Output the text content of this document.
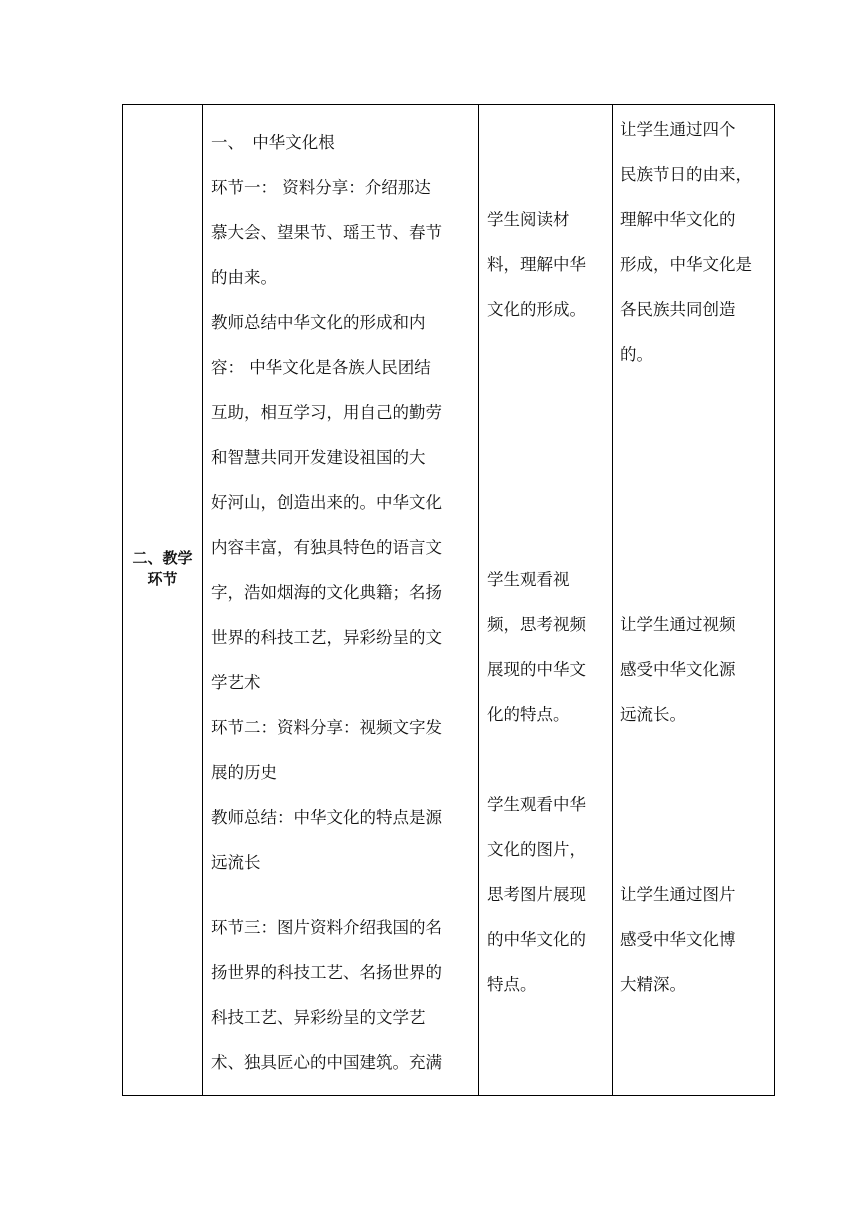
二、教学
环节
一、　中华文化根
环节一： 资料分享：介绍那达
慕大会、望果节、瑶王节、春节
的由来。
教师总结中华文化的形成和内
容： 中华文化是各族人民团结
互助，相互学习，用自己的勤劳
和智慧共同开发建设祖国的大
好河山，创造出来的。中华文化
内容丰富，有独具特色的语言文
字，浩如烟海的文化典籍；名扬
世界的科技工艺，异彩纷呈的文
学艺术
环节二：资料分享：视频文字发
展的历史
教师总结：中华文化的特点是源
远流长
环节三：图片资料介绍我国的名
扬世界的科技工艺、名扬世界的
科技工艺、异彩纷呈的文学艺
术、独具匠心的中国建筑。充满
学生阅读材
料，理解中华
文化的形成。
学生观看视
频，思考视频
展现的中华文
化的特点。
学生观看中华
文化的图片，
思考图片展现
的中华文化的
特点。
让学生通过四个
民族节日的由来，
理解中华文化的
形成，中华文化是
各民族共同创造
的。
让学生通过视频
感受中华文化源
远流长。
让学生通过图片
感受中华文化博
大精深。
